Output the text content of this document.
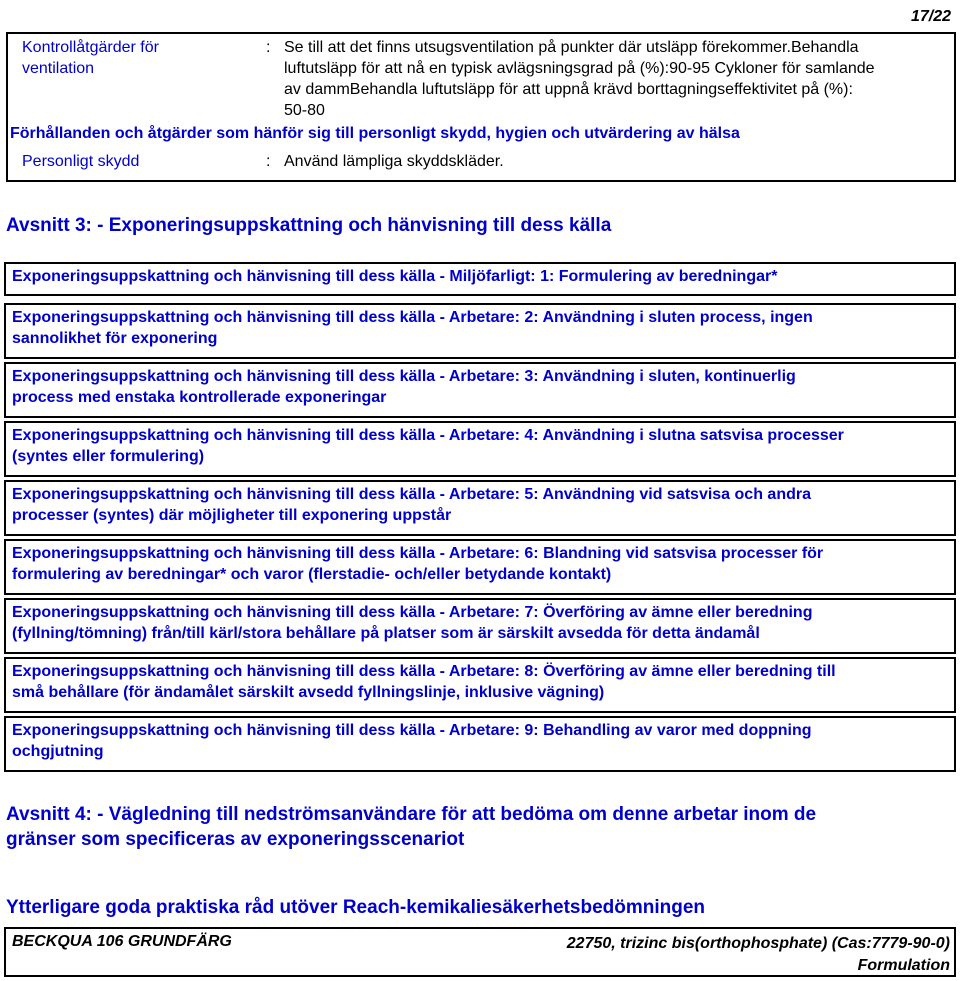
17/22
Kontrollåtgärder för
ventilation
: Se till att det finns utsugsventilation på punkter där utsläpp förekommer.Behandla
luftutsläpp för att nå en typisk avlägsningsgrad på (%):90-95 Cykloner för samlande
av dammBehandla luftutsläpp för att uppnå krävd borttagningseffektivitet på (%):
50-80
Förhållanden och åtgärder som hänför sig till personligt skydd, hygien och utvärdering av hälsa
Personligt skydd	: Använd lämpliga skyddskläder.
Avsnitt 3: - Exponeringsuppskattning och hänvisning till dess källa
Exponeringsuppskattning och hänvisning till dess källa - Miljöfarligt: 1: Formulering av beredningar*
Exponeringsuppskattning och hänvisning till dess källa - Arbetare: 2: Användning i sluten process, ingen
sannolikhet för exponering
Exponeringsuppskattning och hänvisning till dess källa - Arbetare: 3: Användning i sluten, kontinuerlig
process med enstaka kontrollerade exponeringar
Exponeringsuppskattning och hänvisning till dess källa - Arbetare: 4: Användning i slutna satsvisa processer
(syntes eller formulering)
Exponeringsuppskattning och hänvisning till dess källa - Arbetare: 5: Användning vid satsvisa och andra
processer (syntes) där möjligheter till exponering uppstår
Exponeringsuppskattning och hänvisning till dess källa - Arbetare: 6: Blandning vid satsvisa processer för
formulering av beredningar* och varor (flerstadie- och/eller betydande kontakt)
Exponeringsuppskattning och hänvisning till dess källa - Arbetare: 7: Överföring av ämne eller beredning
(fyllning/tömning) från/till kärl/stora behållare på platser som är särskilt avsedda för detta ändamål
Exponeringsuppskattning och hänvisning till dess källa - Arbetare: 8: Överföring av ämne eller beredning till
små behållare (för ändamålet särskilt avsedd fyllningslinje, inklusive vägning)
Exponeringsuppskattning och hänvisning till dess källa - Arbetare: 9: Behandling av varor med doppning
ochgjutning
Avsnitt 4: - Vägledning till nedströmsanvändare för att bedöma om denne arbetar inom de
gränser som specificeras av exponeringsscenariot
Ytterligare goda praktiska råd utöver Reach-kemikaliesäkerhetsbedömningen
BECKQUA 106 GRUNDFÄRG	22750, trizinc bis(orthophosphate) (Cas:7779-90-0)
Formulation
